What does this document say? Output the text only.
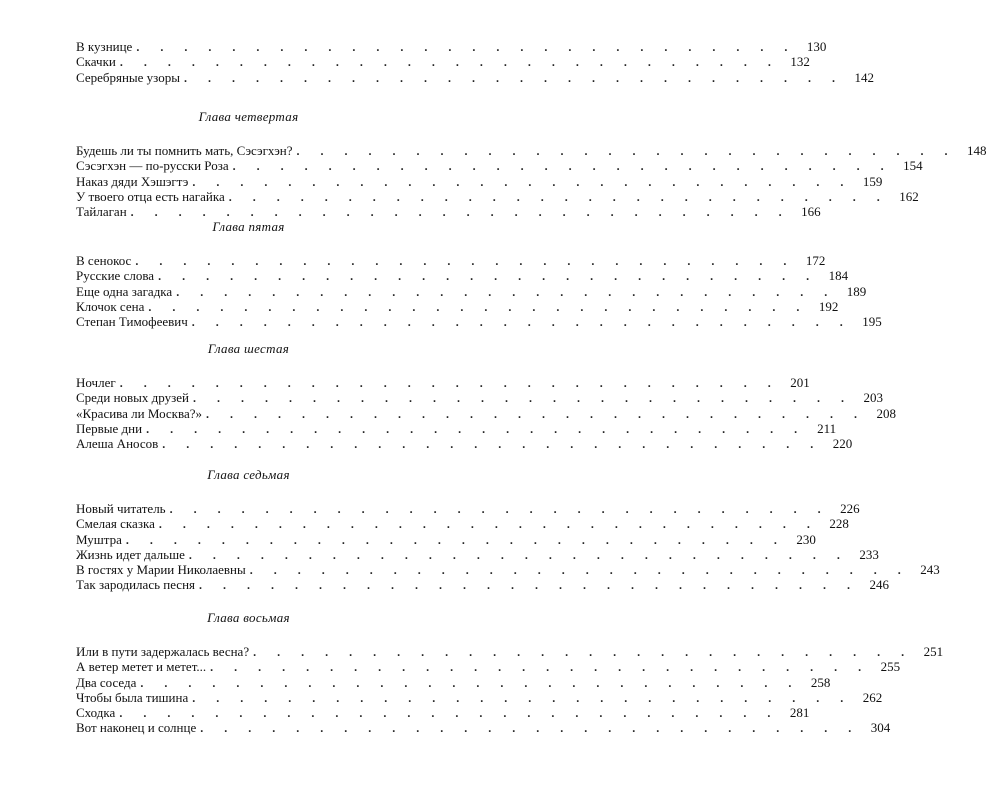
В кузнице . . . . . . . . . . . . . . . . . . . . . . . . . . . . 130
Скачки . . . . . . . . . . . . . . . . . . . . . . . . . . . . 132
Серебряные узоры . . . . . . . . . . . . . . . . . . . . . . . . . . . . 142
Глава четвертая
Будешь ли ты помнить мать, Сэсэгхэн? . . . . . . . . . . . . . . . . . . . . . . . . . . . . 148
Сэсэгхэн — по-русски Роза . . . . . . . . . . . . . . . . . . . . . . . . . . . . 154
Наказ дяди Хэшэгтэ . . . . . . . . . . . . . . . . . . . . . . . . . . . . 159
У твоего отца есть нагайка . . . . . . . . . . . . . . . . . . . . . . . . . . . . 162
Тайлаган . . . . . . . . . . . . . . . . . . . . . . . . . . . . 166
Глава пятая
В сенокос . . . . . . . . . . . . . . . . . . . . . . . . . . . . 172
Русские слова . . . . . . . . . . . . . . . . . . . . . . . . . . . . 184
Еще одна загадка . . . . . . . . . . . . . . . . . . . . . . . . . . . . 189
Клочок сена . . . . . . . . . . . . . . . . . . . . . . . . . . . . 192
Степан Тимофеевич . . . . . . . . . . . . . . . . . . . . . . . . . . . . 195
Глава шестая
Ночлег . . . . . . . . . . . . . . . . . . . . . . . . . . . . 201
Среди новых друзей . . . . . . . . . . . . . . . . . . . . . . . . . . . . 203
«Красива ли Москва?» . . . . . . . . . . . . . . . . . . . . . . . . . . . . 208
Первые дни . . . . . . . . . . . . . . . . . . . . . . . . . . . . 211
Алеша Аносов . . . . . . . . . . . . . . . . . . . . . . . . . . . . 220
Глава седьмая
Новый читатель . . . . . . . . . . . . . . . . . . . . . . . . . . . . 226
Смелая сказка . . . . . . . . . . . . . . . . . . . . . . . . . . . . 228
Муштра . . . . . . . . . . . . . . . . . . . . . . . . . . . . 230
Жизнь идет дальше . . . . . . . . . . . . . . . . . . . . . . . . . . . . 233
В гостях у Марии Николаевны . . . . . . . . . . . . . . . . . . . . . . . . . . . . 243
Так зародилась песня . . . . . . . . . . . . . . . . . . . . . . . . . . . . 246
Глава восьмая
Или в пути задержалась весна? . . . . . . . . . . . . . . . . . . . . . . . . . . . . 251
А ветер метет и метет... . . . . . . . . . . . . . . . . . . . . . . . . . . . . 255
Два соседа . . . . . . . . . . . . . . . . . . . . . . . . . . . . 258
Чтобы была тишина . . . . . . . . . . . . . . . . . . . . . . . . . . . . 262
Сходка . . . . . . . . . . . . . . . . . . . . . . . . . . . . 281
Вот наконец и солнце . . . . . . . . . . . . . . . . . . . . . . . . . . . . 304
